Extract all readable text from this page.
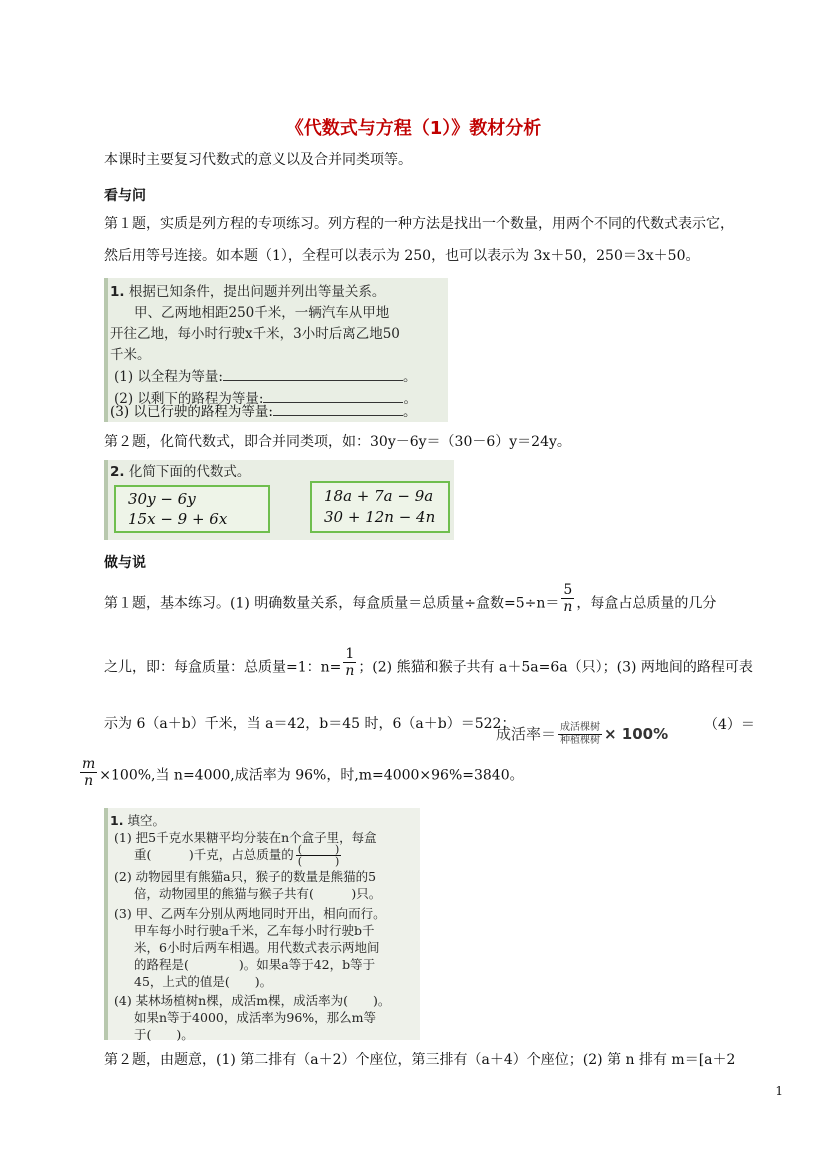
《代数式与方程（1）》教材分析
本课时主要复习代数式的意义以及合并同类项等。
看与问
第１题，实质是列方程的专项练习。列方程的一种方法是找出一个数量，用两个不同的代数式表示它，
然后用等号连接。如本题（1），全程可以表示为 250，也可以表示为 3x＋50，250＝3x＋50。
1. 根据已知条件，提出问题并列出等量关系。
甲、乙两地相距250千米，一辆汽车从甲地
开往乙地，每小时行驶x千米，3小时后离乙地50
千米。
(1) 以全程为等量:	。
(2) 以剩下的路程为等量:	。
(3) 以已行驶的路程为等量:	。
第２题，化简代数式，即合并同类项，如：30y－6y＝（30－6）y＝24y。
2. 化简下面的代数式。
30y − 6y
15x − 9 + 6x
18a + 7a − 9a
30 + 12n − 4n
做与说
第１题，基本练习。(1) 明确数量关系，每盒质量＝总质量÷盒数$=5\div n= \frac{5}{n}$ ，每盒占总质量的几分
之儿，即：每盒质量：总质量=1：$n= \frac{1}{n}$ ；(2) 熊猫和猴子共有 a＋5a=6a（只）；(3) 两地间的路程可表
示为 6（a＋b）千米，当 a＝42，b＝45 时，6（a＋b）＝522；
成活率＝ $\frac{\text{成活棵树}}{\text{种植棵树}} \times 100\%$	（4）＝
$\frac{m}{n} \times 100\%$,当 n=4000,成活率为 96%，时,m=4000×96%=3840。
1. 填空。
(1) 把5千克水果糖平均分装在n个盒子里，每盒
重(　　　)千克，占总质量的 $\frac{( )}{( )}$
(2) 动物园里有熊猫a只，猴子的数量是熊猫的5
倍，动物园里的熊猫与猴子共有(　　　)只。
(3) 甲、乙两车分别从两地同时开出，相向而行。
甲车每小时行驶a千米，乙车每小时行驶b千
米，6小时后两车相遇。用代数式表示两地间
的路程是(　　　　)。如果a等于42，b等于
45，上式的值是(　　)。
(4) 某林场植树n棵，成活m棵，成活率为(　　)。
如果n等于4000，成活率为96%，那么m等
于(　　)。
第２题，由题意，(1) 第二排有（a＋2）个座位，第三排有（a＋4）个座位；(2) 第 n 排有 m＝[a＋2
1
